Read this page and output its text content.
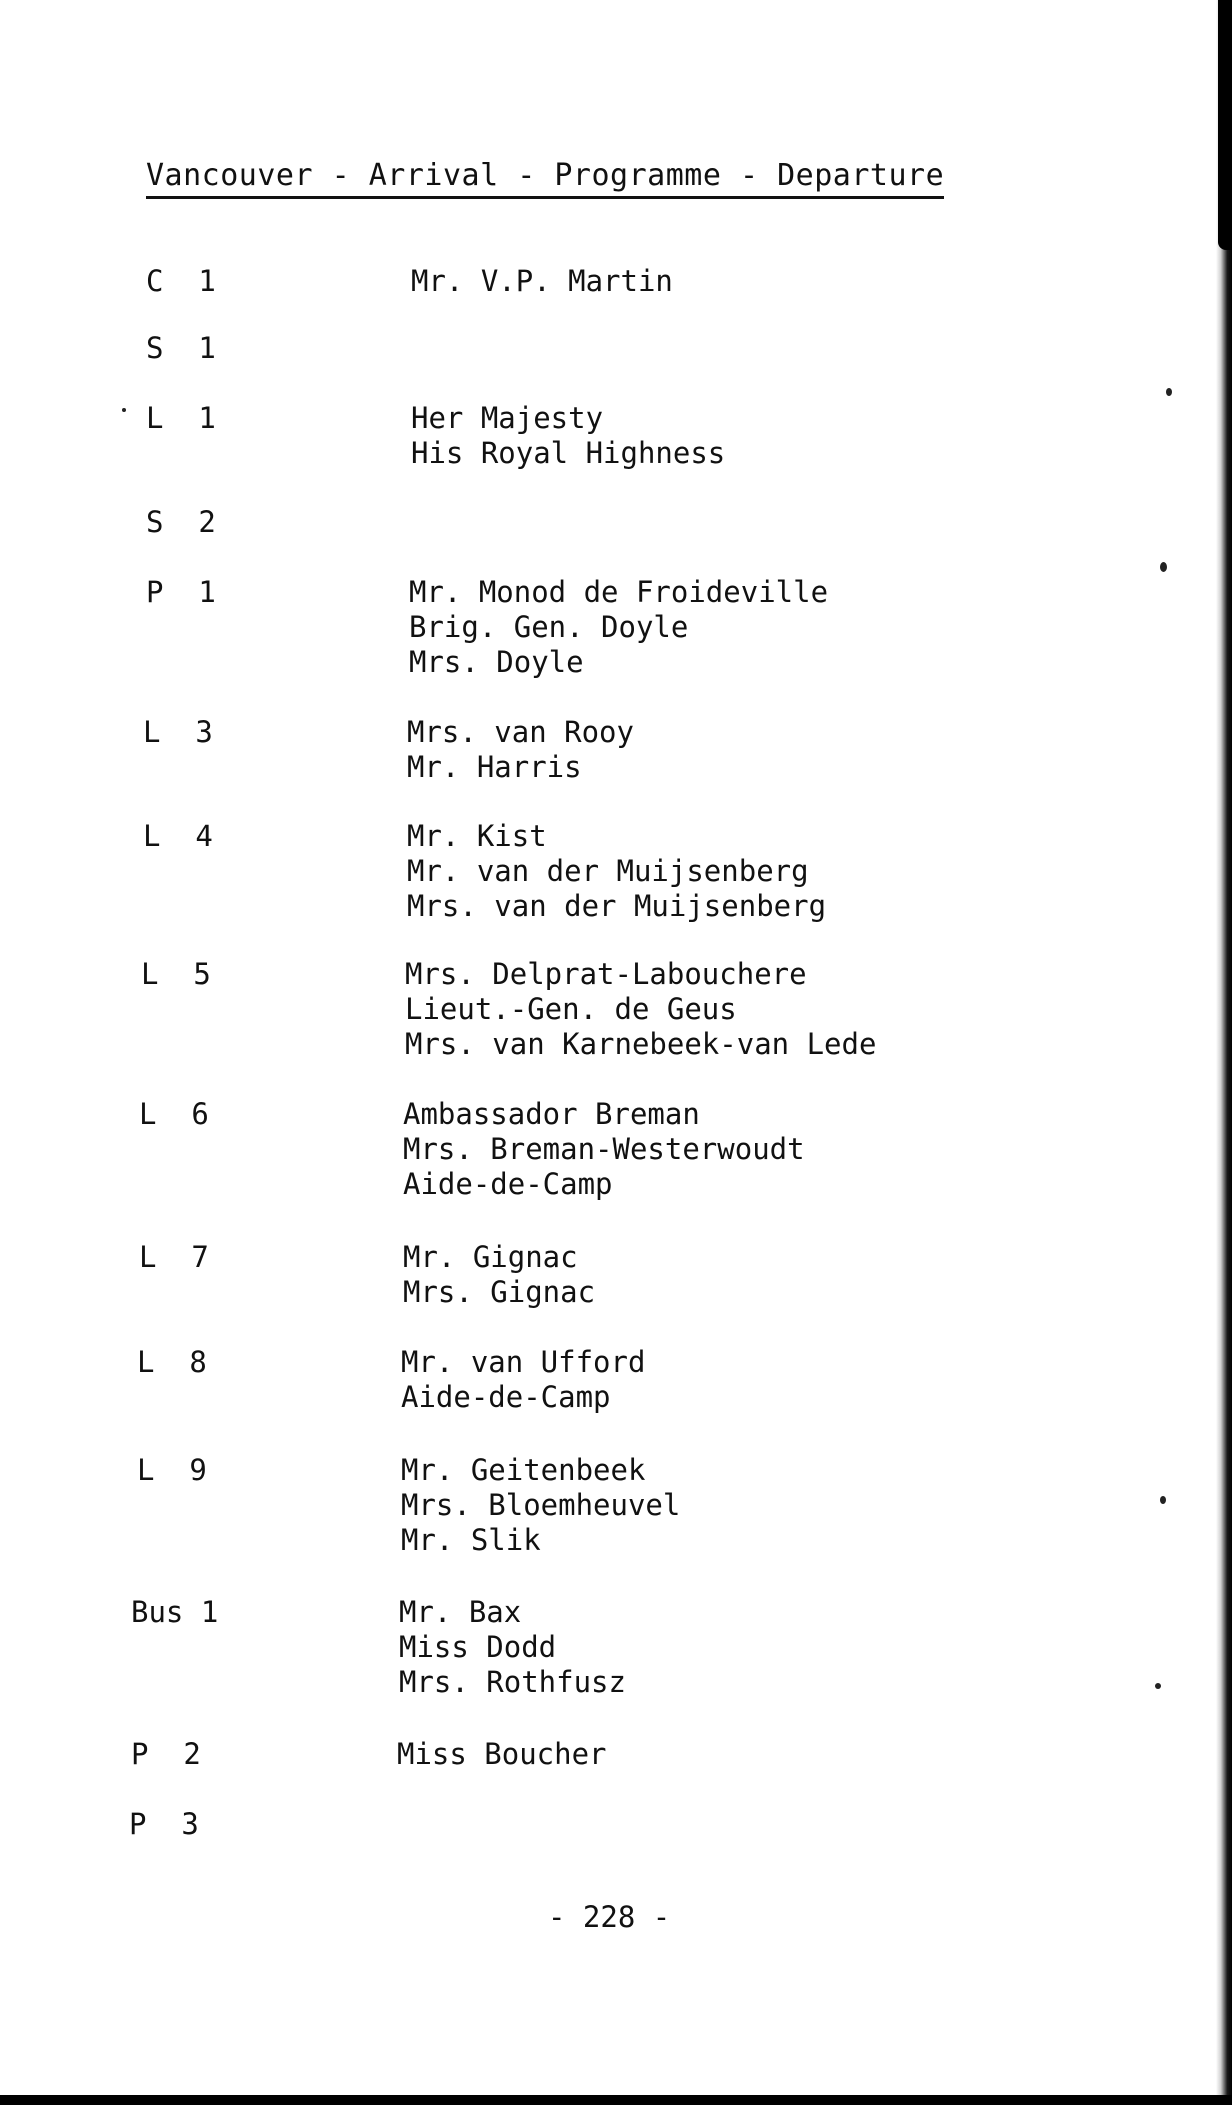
Vancouver - Arrival - Programme - Departure
C  1	Mr. V.P. Martin
S  1
L  1	Her Majesty
His Royal Highness
S  2
P  1	Mr. Monod de Froideville
Brig. Gen. Doyle
Mrs. Doyle
L  3	Mrs. van Rooy
Mr. Harris
L  4	Mr. Kist
Mr. van der Muijsenberg
Mrs. van der Muijsenberg
L  5	Mrs. Delprat-Labouchere
Lieut.-Gen. de Geus
Mrs. van Karnebeek-van Lede
L  6	Ambassador Breman
Mrs. Breman-Westerwoudt
Aide-de-Camp
L  7	Mr. Gignac
Mrs. Gignac
L  8	Mr. van Ufford
Aide-de-Camp
L  9	Mr. Geitenbeek
Mrs. Bloemheuvel
Mr. Slik
Bus 1	Mr. Bax
Miss Dodd
Mrs. Rothfusz
P  2	Miss Boucher
P  3
- 228 -
